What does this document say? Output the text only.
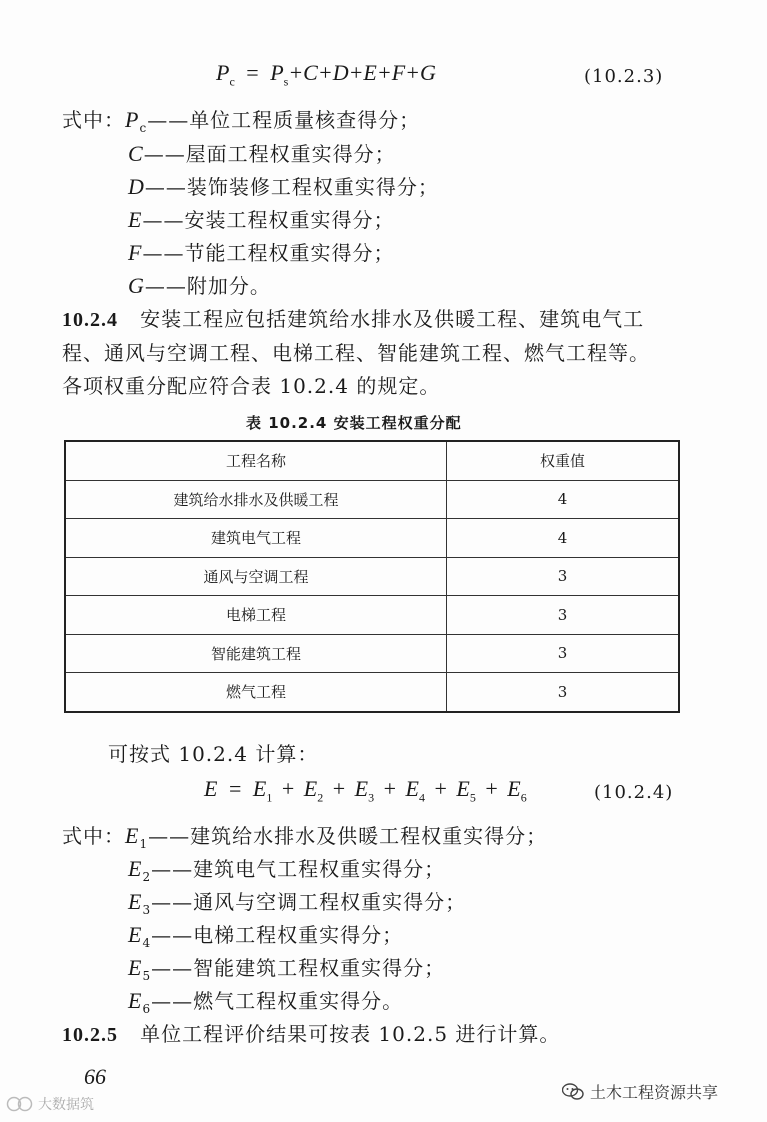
$P_c = P_s+C+D+E+F+G$	(10.2.3)
式中：$P_c——$单位工程质量核查得分；
C——屋面工程权重实得分；
D——装饰装修工程权重实得分；
E——安装工程权重实得分；
F——节能工程权重实得分；
G——附加分。
10.2.4 安装工程应包括建筑给水排水及供暖工程、建筑电气工
程、通风与空调工程、电梯工程、智能建筑工程、燃气工程等。
各项权重分配应符合表 10.2.4 的规定。
表 10.2.4 安装工程权重分配
工程名称	权重值
建筑给水排水及供暖工程	4
建筑电气工程	4
通风与空调工程	3
电梯工程	3
智能建筑工程	3
燃气工程	3
可按式 10.2.4 计算：
$E = E_1 + E_2 + E_3 + E_4 + E_5 + E_6$	(10.2.4)
式中：$E_1——$建筑给水排水及供暖工程权重实得分；
$E_2——$建筑电气工程权重实得分；
$E_3——$通风与空调工程权重实得分；
$E_4——$电梯工程权重实得分；
$E_5——$智能建筑工程权重实得分；
$E_6——$燃气工程权重实得分。
10.2.5 单位工程评价结果可按表 10.2.5 进行计算。
66
土木工程资源共享
大数据筑
